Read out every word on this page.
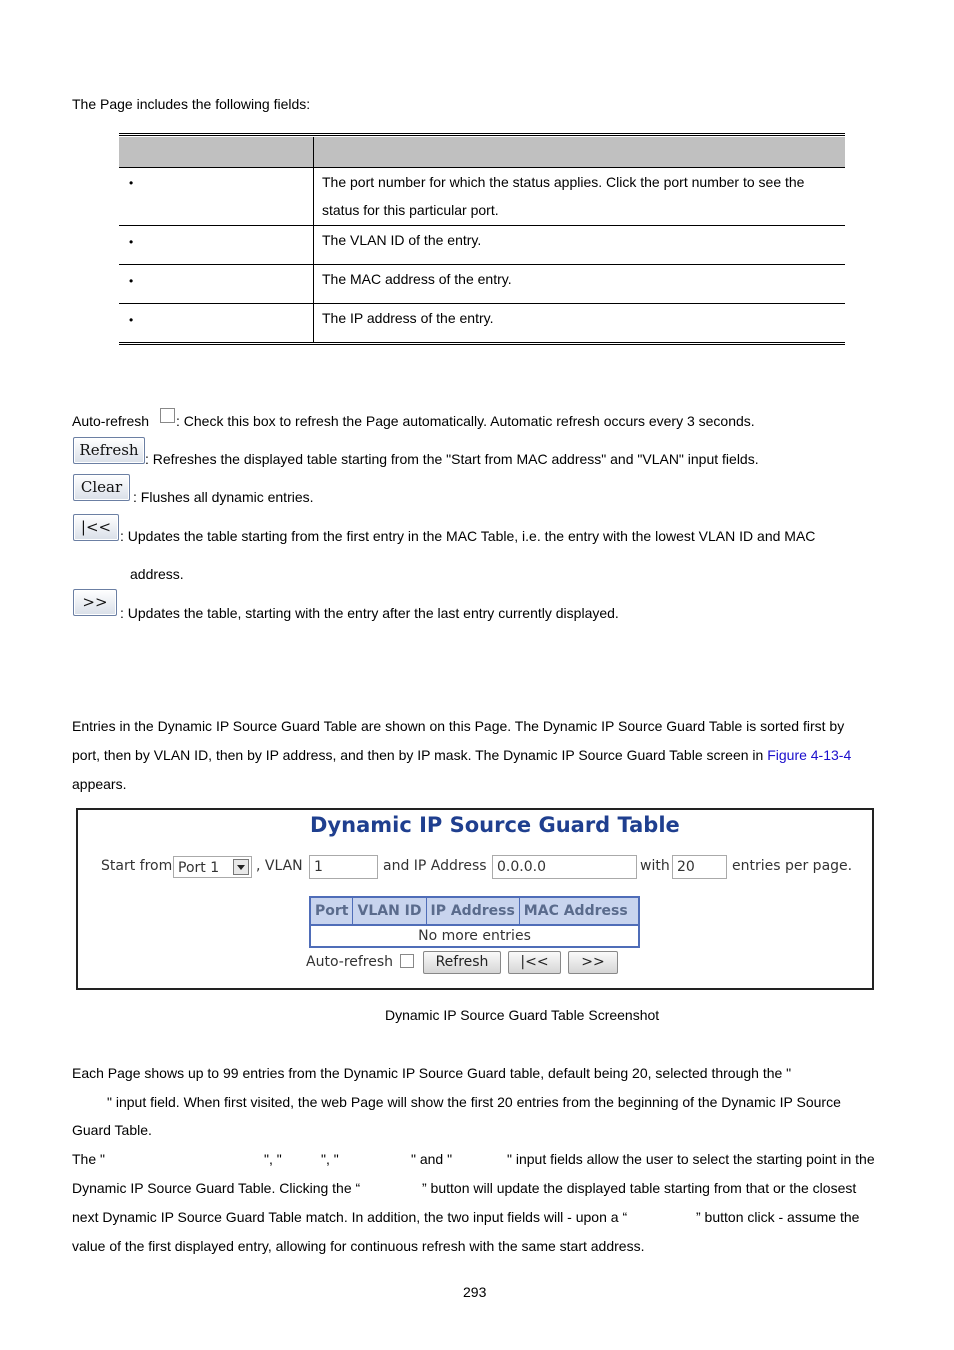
The Page includes the following fields:
•	The port number for which the status applies. Click the port number to see the
status for this particular port.
•	The VLAN ID of the entry.
•	The MAC address of the entry.
•	The IP address of the entry.
Auto-refresh : Check this box to refresh the Page automatically. Automatic refresh occurs every 3 seconds.
Refresh : Refreshes the displayed table starting from the "Start from MAC address" and "VLAN" input fields.
Clear
: Flushes all dynamic entries.
|<< : Updates the table starting from the first entry in the MAC Table, i.e. the entry with the lowest VLAN ID and MAC
address.
>>
: Updates the table, starting with the entry after the last entry currently displayed.
Entries in the Dynamic IP Source Guard Table are shown on this Page. The Dynamic IP Source Guard Table is sorted first by
port, then by VLAN ID, then by IP address, and then by IP mask. The Dynamic IP Source Guard Table screen in Figure 4-13-4
appears.
Dynamic IP Source Guard Table
Start from Port 1	, VLAN 1	and IP Address 0.0.0.0	with 20	entries per page.
Port VLAN ID IP Address MAC Address
No more entries
Auto-refresh	Refresh	|<<	>>
Dynamic IP Source Guard Table Screenshot
Each Page shows up to 99 entries from the Dynamic IP Source Guard table, default being 20, selected through the "
" input field. When first visited, the web Page will show the first 20 entries from the beginning of the Dynamic IP Source
Guard Table.
The "	", "	", "	" and "	" input fields allow the user to select the starting point in the
Dynamic IP Source Guard Table. Clicking the “	” button will update the displayed table starting from that or the closest
next Dynamic IP Source Guard Table match. In addition, the two input fields will - upon a “	” button click - assume the
value of the first displayed entry, allowing for continuous refresh with the same start address.
293
